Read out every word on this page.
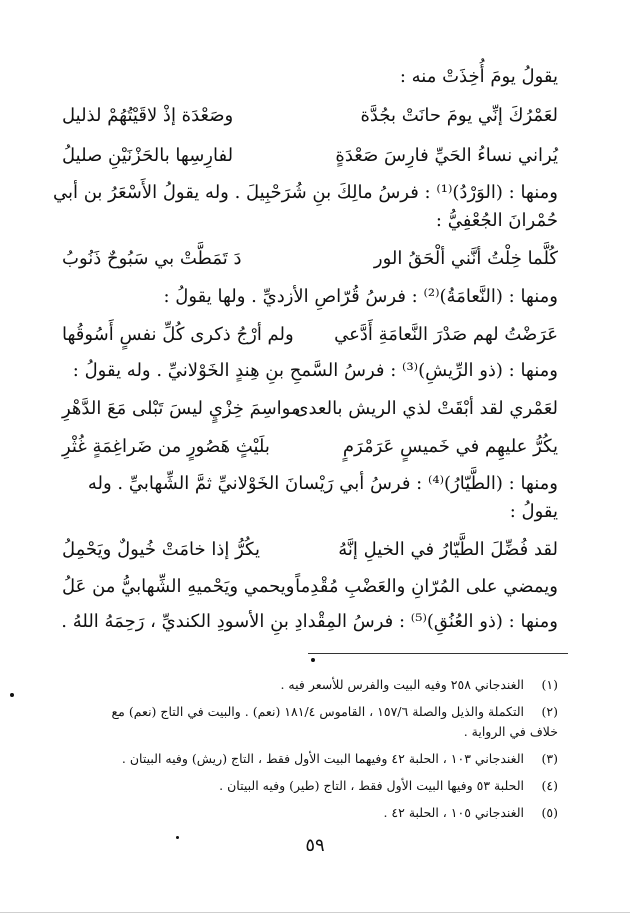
يقولُ يومَ أُخِذَتْ منه :
لعَمْرُكَ إنِّي يومَ حانَتْ بجُدَّة
وصَعْدَة إذْ لاقَيْتُهُمْ لذليل
يُراني نساءُ الحَيِّ فارِسَ صَعْدَةٍ
لفارِسِها بالحَزْنَيْنِ صليلُ
ومنها : (الوَرْدُ)⁽¹⁾ : فرسُ مالِكَ بنِ شُرَحْبِيلَ . وله يقولُ الأَسْعَرُ بن أبي
حُمْرانَ الجُعْفِيُّ :
كُلَّما خِلْتُ أنَّني ألْحَقُ الور
دَ تَمَطَّتْ بي سَبُوحٌ ذَنُوبُ
ومنها : (النَّعامَةُ)⁽²⁾ : فرسُ قُرّاصِ الأزديِّ . ولها يقولُ :
عَرَضْتُ لهم صَدْرَ النَّعامَةِ أَدَّعي
ولم أرْجُ ذكرى كُلِّ نفسٍ أَسُوقُها
ومنها : (ذو الرِّيشِ)⁽³⁾ : فرسُ السَّمحِ بنِ هِندٍ الخَوْلانيِّ . وله يقولُ :
لعَمْري لقد أبْقَتْ لذي الريش بالعدى
مواسِمَ خِزْيٍ ليسَ تَبْلى مَعَ الدَّهْرِ
يكُرُّ عليهِم في خَميسٍ عَرَمْرَمٍ
بلَيْثٍ هَصُورٍ من ضَراغِمَةٍ غُثْرِ
ومنها : (الطَّيّارُ)⁽⁴⁾ : فرسُ أبي رَيْسانَ الخَوْلانيِّ ثمَّ الشِّهابيِّ . وله
يقولُ :
لقد فُضِّلَ الطَّيّارُ في الخيلِ إنَّهُ
يكُرُّ إذا خامَتْ خُيولٌ ويَحْمِلُ
ويمضي على المُرّانِ والعَضْبِ مُقْدِماً
ويحمي ويَحْميهِ الشِّهابيُّ من عَلُ
ومنها : (ذو العُنُقِ)⁽⁵⁾ : فرسُ المِقْدادِ بنِ الأسودِ الكنديِّ ، رَحِمَهُ اللهُ .
(١)الغندجاني ٢٥٨ وفيه البيت والفرس للأسعر فيه .
(٢)التكملة والذيل والصلة ١٥٧/٦ ، القاموس ١٨١/٤ (نعم) . والبيت في التاج (نعم) مع
خلاف في الرواية .
(٣)الغندجاني ١٠٣ ، الحلبة ٤٢ وفيهما البيت الأول فقط ، التاج (ريش) وفيه البيتان .
(٤)الحلبة ٥٣ وفيها البيت الأول فقط ، التاج (طير) وفيه البيتان .
(٥)الغندجاني ١٠٥ ، الحلبة ٤٢ .
٥٩
